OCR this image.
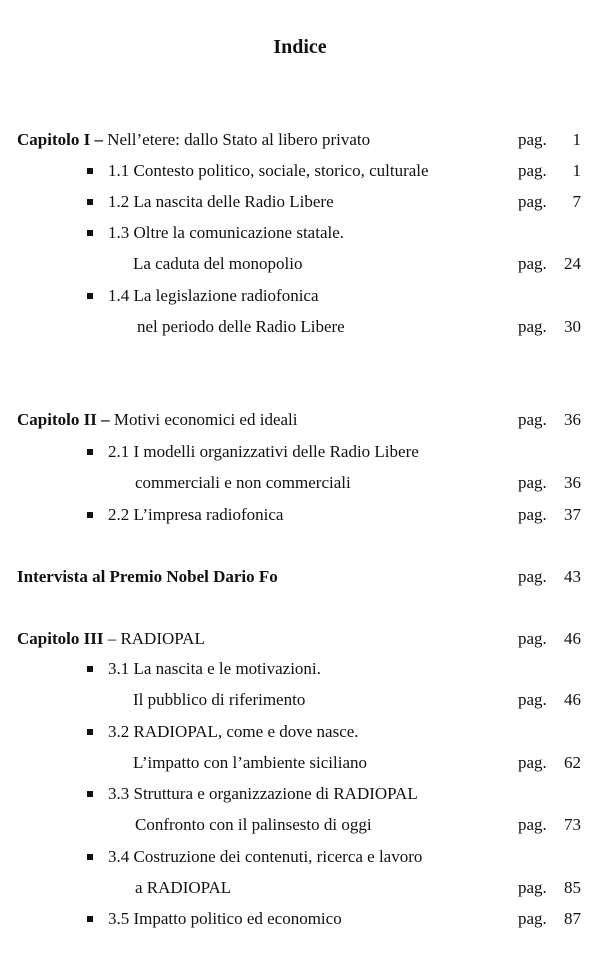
Indice
Capitolo I – Nell’etere: dallo Stato al libero privato	pag. 1
1.1 Contesto politico, sociale, storico, culturale	pag. 1
1.2 La nascita delle Radio Libere	pag. 7
1.3 Oltre la comunicazione statale.
La caduta del monopolio	pag. 24
1.4 La legislazione radiofonica
nel periodo delle Radio Libere	pag. 30
Capitolo II – Motivi economici ed ideali	pag. 36
2.1 I modelli organizzativi delle Radio Libere
commerciali e non commerciali	pag. 36
2.2 L’impresa radiofonica	pag. 37
Intervista al Premio Nobel Dario Fo	pag. 43
Capitolo III – RADIOPAL	pag. 46
3.1 La nascita e le motivazioni.
Il pubblico di riferimento	pag. 46
3.2 RADIOPAL, come e dove nasce.
L’impatto con l’ambiente siciliano	pag. 62
3.3 Struttura e organizzazione di RADIOPAL
Confronto con il palinsesto di oggi	pag. 73
3.4 Costruzione dei contenuti, ricerca e lavoro
a RADIOPAL	pag. 85
3.5 Impatto politico ed economico	pag. 87
